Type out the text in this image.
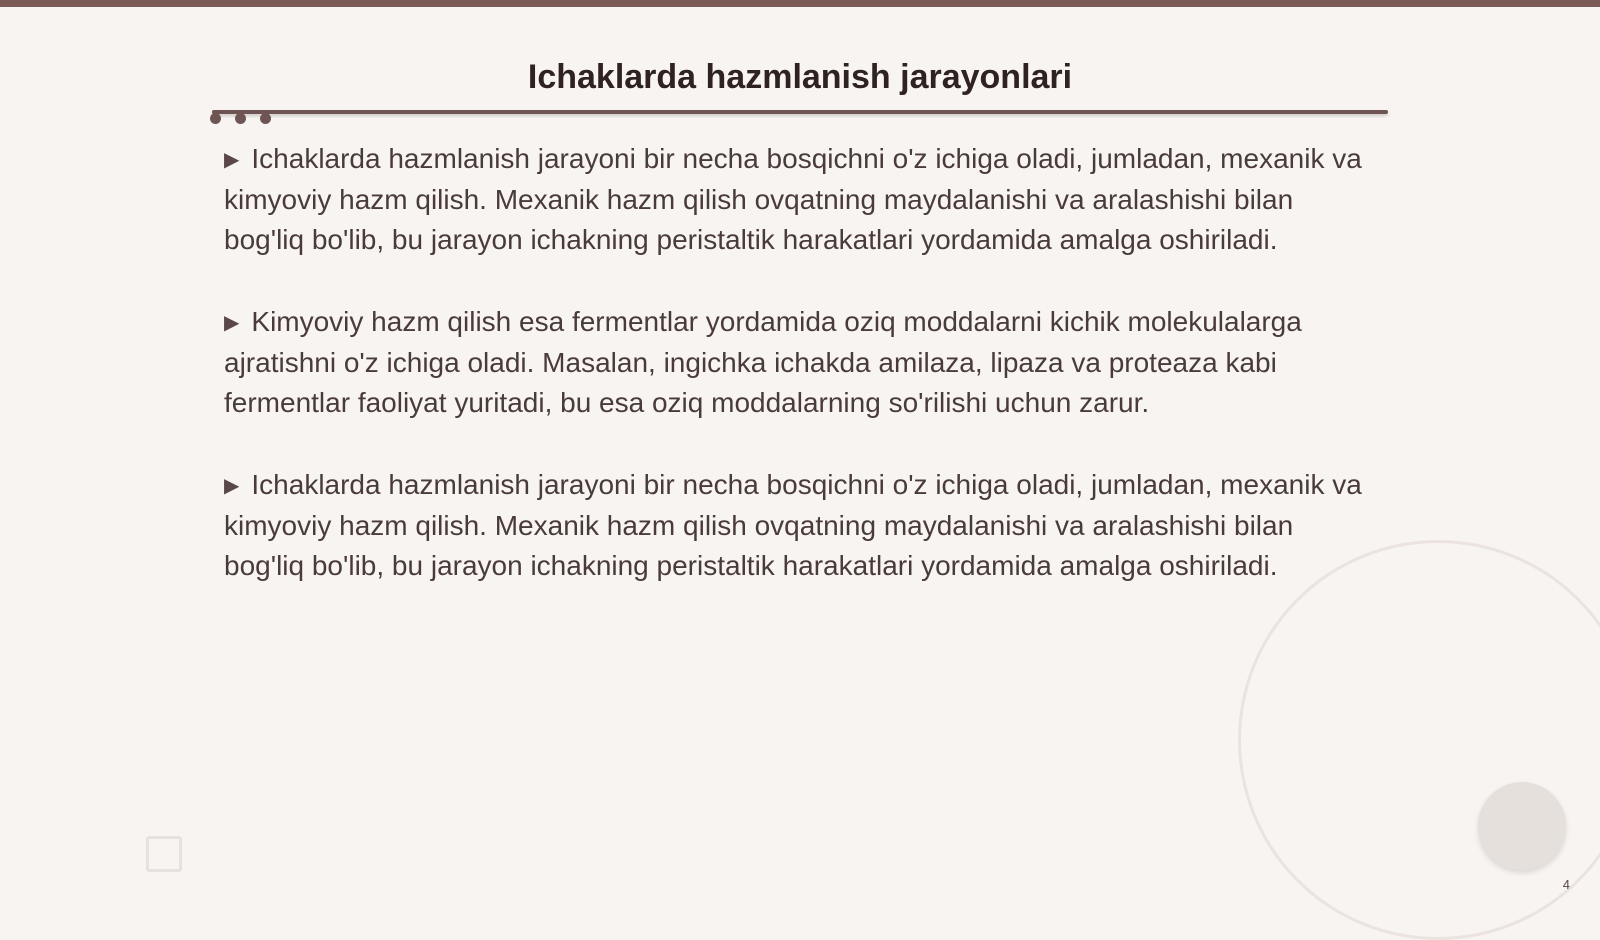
Ichaklarda hazmlanish jarayonlari

▶ Ichaklarda hazmlanish jarayoni bir necha bosqichni o'z ichiga oladi, jumladan, mexanik va kimyoviy hazm qilish. Mexanik hazm qilish ovqatning maydalanishi va aralashishi bilan bog'liq bo'lib, bu jarayon ichakning peristaltik harakatlari yordamida amalga oshiriladi.

▶ Kimyoviy hazm qilish esa fermentlar yordamida oziq moddalarni kichik molekulalarga ajratishni o'z ichiga oladi. Masalan, ingichka ichakda amilaza, lipaza va proteaza kabi fermentlar faoliyat yuritadi, bu esa oziq moddalarning so'rilishi uchun zarur.

▶ Ichaklarda hazmlanish jarayoni bir necha bosqichni o'z ichiga oladi, jumladan, mexanik va kimyoviy hazm qilish. Mexanik hazm qilish ovqatning maydalanishi va aralashishi bilan bog'liq bo'lib, bu jarayon ichakning peristaltik harakatlari yordamida amalga oshiriladi.

4
